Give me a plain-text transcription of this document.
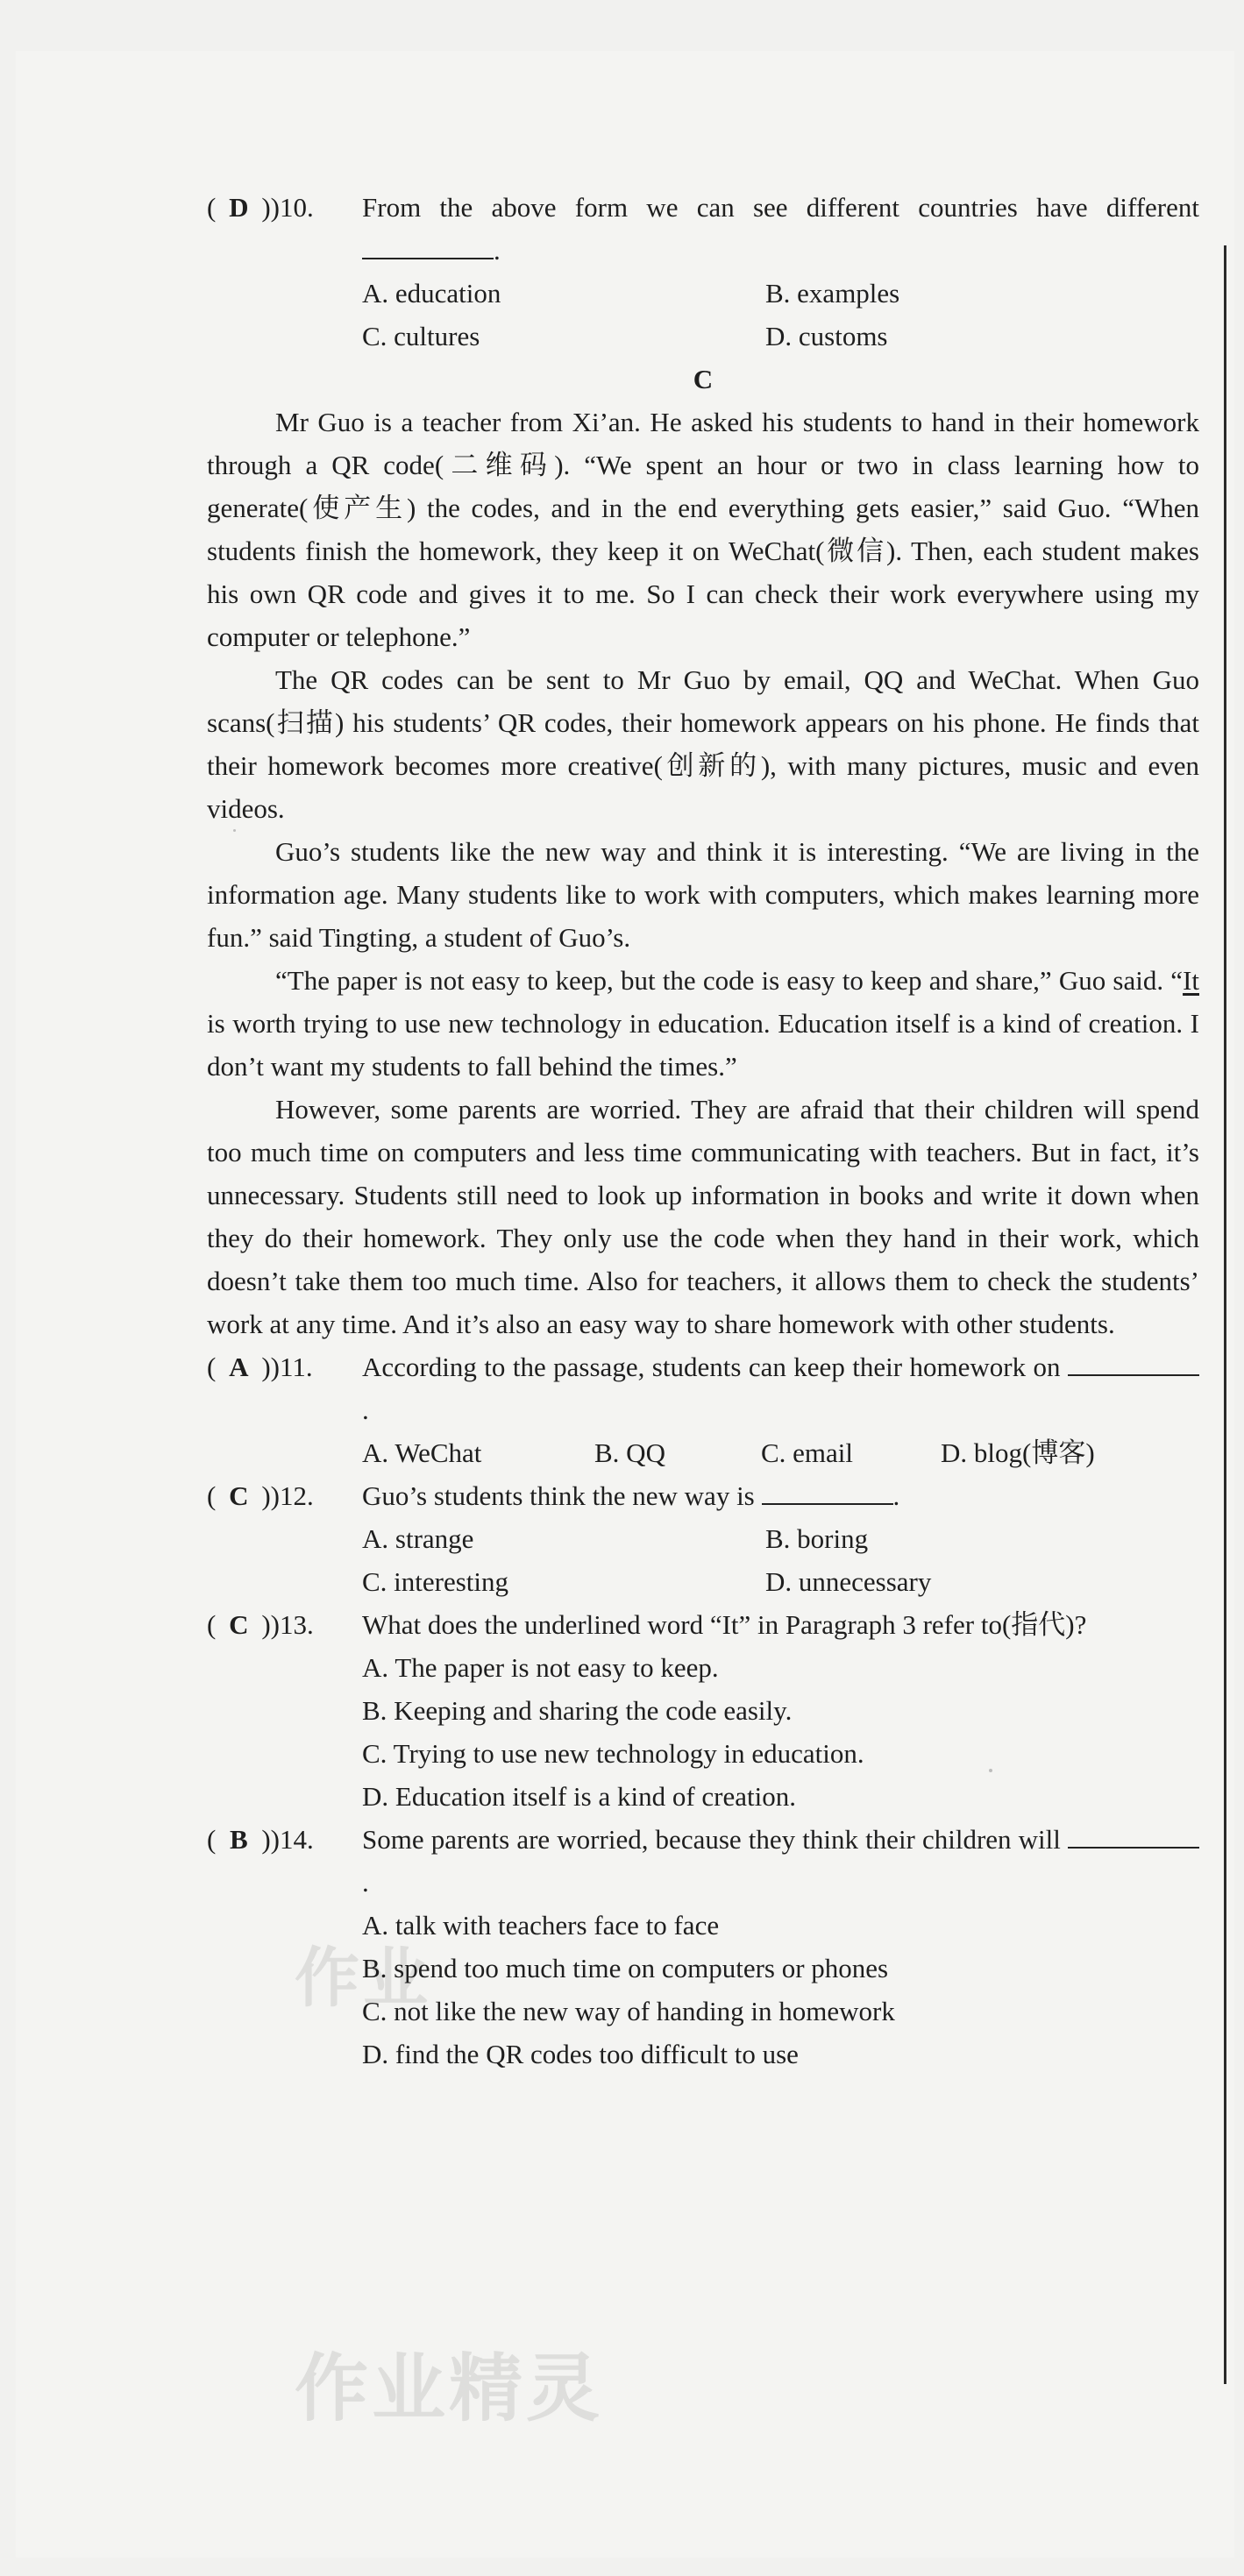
作业
作业精灵
( D ))10.	From the above form we can see different countries have different .
A. education	B. examples
C. cultures	D. customs

C

Mr Guo is a teacher from Xi’an. He asked his students to hand in their homework through a QR code(二维码). “We spent an hour or two in class learning how to generate(使产生) the codes, and in the end everything gets easier,” said Guo. “When students finish the homework, they keep it on WeChat(微信). Then, each student makes his own QR code and gives it to me. So I can check their work everywhere using my computer or telephone.”

The QR codes can be sent to Mr Guo by email, QQ and WeChat. When Guo scans(扫描) his students’ QR codes, their homework appears on his phone. He finds that their homework becomes more creative(创新的), with many pictures, music and even videos.

Guo’s students like the new way and think it is interesting. “We are living in the information age. Many students like to work with computers, which makes learning more fun.” said Tingting, a student of Guo’s.

“The paper is not easy to keep, but the code is easy to keep and share,” Guo said. “It is worth trying to use new technology in education. Education itself is a kind of creation. I don’t want my students to fall behind the times.”

However, some parents are worried. They are afraid that their children will spend too much time on computers and less time communicating with teachers. But in fact, it’s unnecessary. Students still need to look up information in books and write it down when they do their homework. They only use the code when they hand in their work, which doesn’t take them too much time. Also for teachers, it allows them to check the students’ work at any time. And it’s also an easy way to share homework with other students.

( A ))11.	According to the passage, students can keep their homework on .
A. WeChat	B. QQ	C. email	D. blog(博客)
( C ))12.	Guo’s students think the new way is	.
A. strange	B. boring
C. interesting	D. unnecessary
( C ))13.	What does the underlined word “It” in Paragraph 3 refer to(指代)?
A. The paper is not easy to keep.
B. Keeping and sharing the code easily.
C. Trying to use new technology in education.
D. Education itself is a kind of creation.
( B ))14.	Some parents are worried, because they think their children will .
A. talk with teachers face to face
B. spend too much time on computers or phones
C. not like the new way of handing in homework
D. find the QR codes too difficult to use
